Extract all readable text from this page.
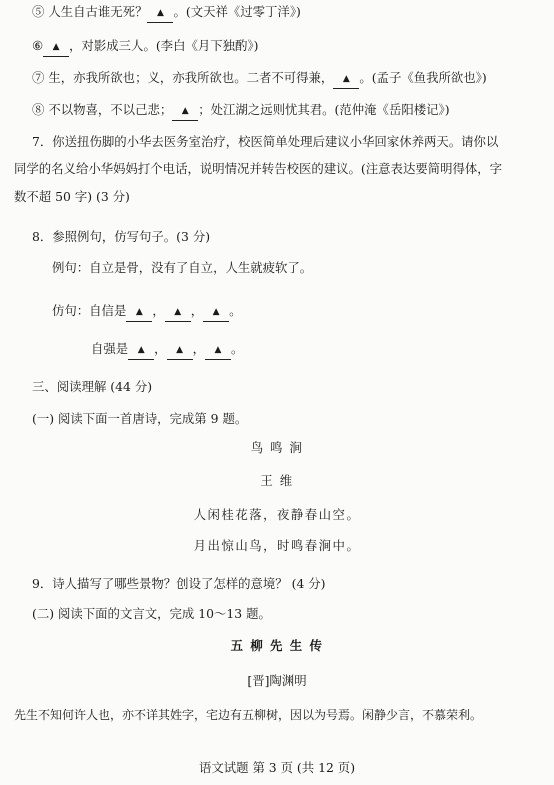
⑤ 人生自古谁无死？ ▲ 。(文天祥《过零丁洋》)
⑥ ▲ ，对影成三人。(李白《月下独酌》)
⑦ 生，亦我所欲也；义，亦我所欲也。二者不可得兼， ▲ 。(孟子《鱼我所欲也》)
⑧ 不以物喜，不以己悲； ▲ ；处江湖之远则忧其君。(范仲淹《岳阳楼记》)
7．你送扭伤脚的小华去医务室治疗，校医简单处理后建议小华回家休养两天。请你以
同学的名义给小华妈妈打个电话，说明情况并转告校医的建议。(注意表达要简明得体，字
数不超 50 字) (3 分)
8．参照例句，仿写句子。(3 分)
例句：自立是骨，没有了自立，人生就疲软了。
仿句：自信是 ▲ ， ▲ ， ▲ 。
自强是 ▲ ， ▲ ， ▲ 。
三、阅读理解 (44 分)
(一) 阅读下面一首唐诗，完成第 9 题。
鸟 鸣 涧
王 维
人闲桂花落，夜静春山空。
月出惊山鸟，时鸣春涧中。
9．诗人描写了哪些景物？创设了怎样的意境？ (4 分)
(二) 阅读下面的文言文，完成 10～13 题。
五 柳 先 生 传
[晋]陶渊明
先生不知何许人也，亦不详其姓字，宅边有五柳树，因以为号焉。闲静少言，不慕荣利。
语文试题 第 3 页 (共 12 页)
